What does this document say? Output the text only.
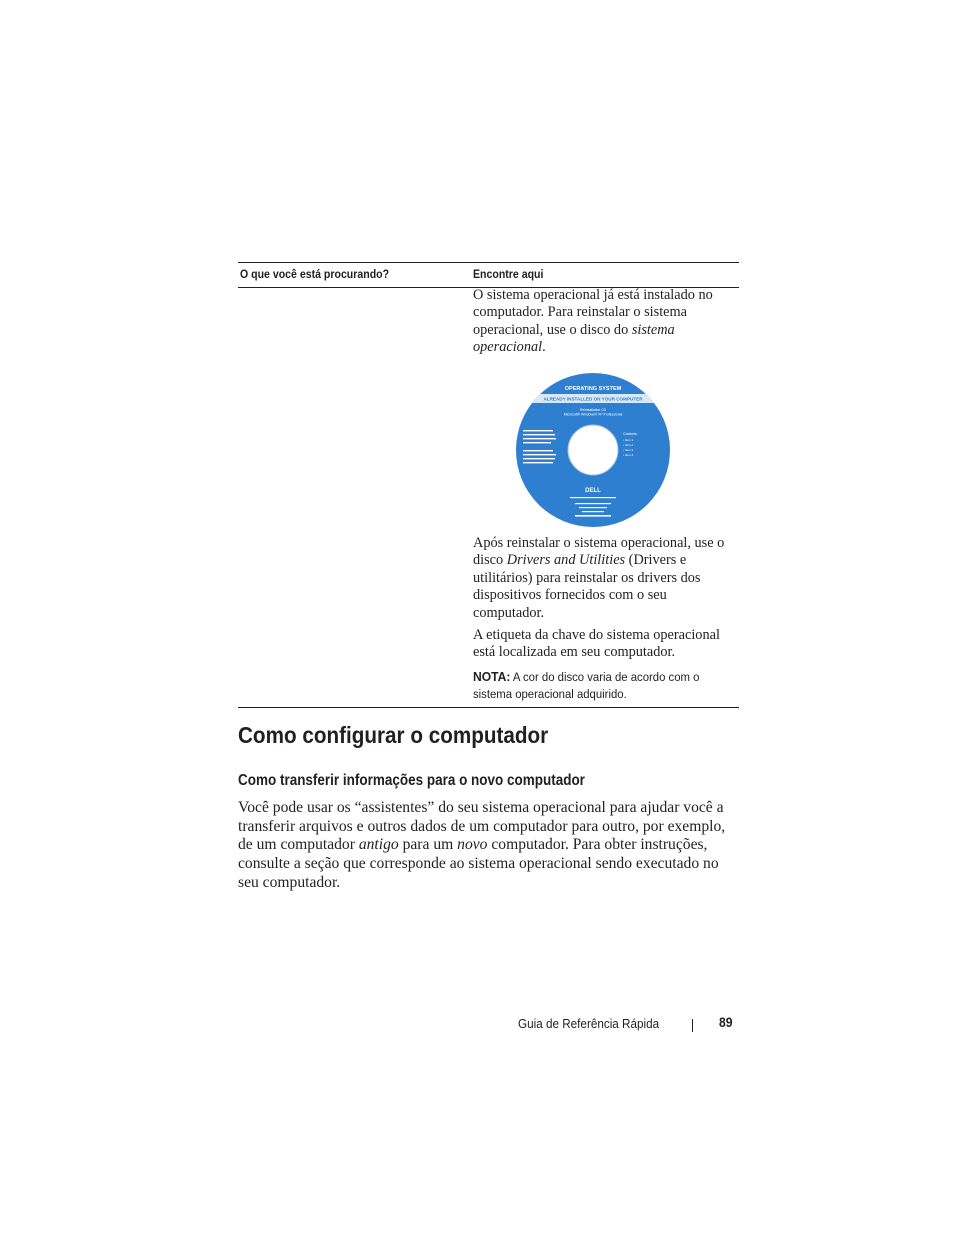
O que você está procurando?	Encontre aqui

O sistema operacional já está instalado no computador. Para reinstalar o sistema operacional, use o disco do sistema operacional.

Após reinstalar o sistema operacional, use o disco Drivers and Utilities (Drivers e utilitários) para reinstalar os drivers dos dispositivos fornecidos com o seu computador.

A etiqueta da chave do sistema operacional está localizada em seu computador.

NOTA: A cor do disco varia de acordo com o sistema operacional adquirido.
OPERATING SYSTEM
ALREADY INSTALLED ON YOUR COMPUTER
Reinstallation CD
Microsoft® Windows® XP Professional
Contents:
• Item 1
• Item 2
• Item 3
• Item 4
DELL
Como configurar o computador
Como transferir informações para o novo computador

Você pode usar os “assistentes” do seu sistema operacional para ajudar você a transferir arquivos e outros dados de um computador para outro, por exemplo, de um computador antigo para um novo computador. Para obter instruções, consulte a seção que corresponde ao sistema operacional sendo executado no seu computador.

Guia de Referência Rápida	89
